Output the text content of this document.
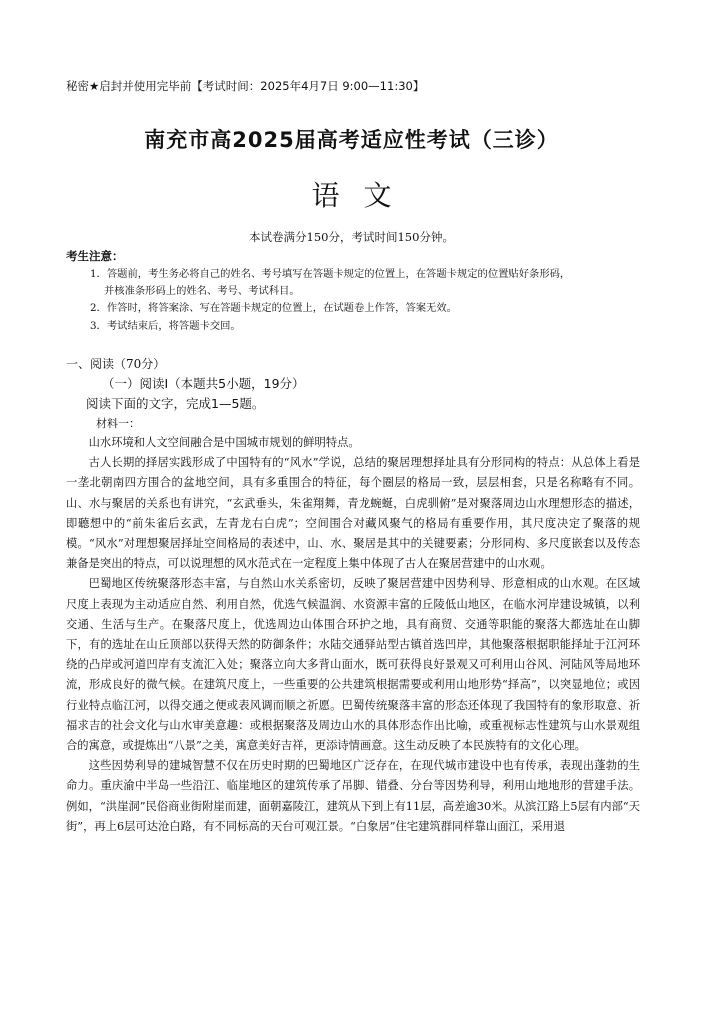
秘密★启封并使用完毕前【考试时间：2025年4月7日 9:00—11:30】
南充市高2025届高考适应性考试（三诊）
语文
本试卷满分150分，考试时间150分钟。
考生注意：
1．答题前，考生务必将自己的姓名、考号填写在答题卡规定的位置上，在答题卡规定的位置贴好条形码，
并核准条形码上的姓名、考号、考试科目。
2．作答时，将答案涂、写在答题卡规定的位置上，在试题卷上作答，答案无效。
3．考试结束后，将答题卡交回。
一、阅读（70分）
（一）阅读Ⅰ（本题共5小题，19分）
阅读下面的文字，完成1—5题。
材料一：

山水环境和人文空间融合是中国城市规划的鲜明特点。

古人长期的择居实践形成了中国特有的“风水”学说，总结的聚居理想择址具有分形同构的特点：从总体上看是一垄北朝南四方围合的盆地空间，具有多重围合的特征，每个圈层的格局一致，层层相套，只是名称略有不同。山、水与聚居的关系也有讲究，“玄武垂头，朱雀翔舞，青龙蜿蜒，白虎驯俯”是对聚落周边山水理想形态的描述，即聽想中的“前朱雀后玄武，左青龙右白虎”；空间围合对藏风聚气的格局有重要作用，其尺度决定了聚落的规模。“风水”对理想聚居择址空间格局的表述中，山、水、聚居是其中的关键要素；分形同构、多尺度嵌套以及传态兼备是突出的特点，可以说理想的风水范式在一定程度上集中体现了古人在聚居营建中的山水观。

巴蜀地区传统聚落形态丰富，与自然山水关系密切，反映了聚居营建中因势利导、形意相成的山水观。在区域尺度上表现为主动适应自然、利用自然，优选气候温润、水资源丰富的丘陵低山地区，在临水河岸建设城镇，以利交通、生活与生产。在聚落尺度上，优选周边山体围合环护之地，具有商贸、交通等职能的聚落大都选址在山脚下，有的选址在山丘顶部以获得天然的防御条件；水陆交通驿站型古镇首选凹岸，其他聚落根据职能择址于江河环绕的凸岸或河道凹岸有支流汇入处；聚落立向大多背山面水，既可获得良好景观又可利用山谷风、河陆风等局地环流，形成良好的微气候。在建筑尺度上，一些重要的公共建筑根据需要或利用山地形势“择高”，以突显地位；或因行业特点临江河，以得交通之便或表风调而顺之祈愿。巴蜀传统聚落丰富的形态还体现了我国特有的象形取意、祈福求吉的社会文化与山水审美意趣：或根据聚落及周边山水的具体形态作出比喻，或重视标志性建筑与山水景观组合的寓意，或提炼出“八景”之美，寓意美好吉祥，更添诗情画意。这生动反映了本民族特有的文化心理。

这些因势利导的建城智慧不仅在历史时期的巴蜀地区广泛存在，在现代城市建设中也有传承，表现出蓬勃的生命力。重庆渝中半岛一些沿江、临崖地区的建筑传承了吊脚、错叠、分台等因势利导，利用山地地形的营建手法。例如，“洪崖洞”民俗商业街附崖而建，面朝嘉陵江，建筑从下到上有11层，高差逾30米。从滨江路上5层有内部“天街”，再上6层可达沧白路，有不同标高的天台可观江景。“白象居”住宅建筑群同样靠山面江，采用退
